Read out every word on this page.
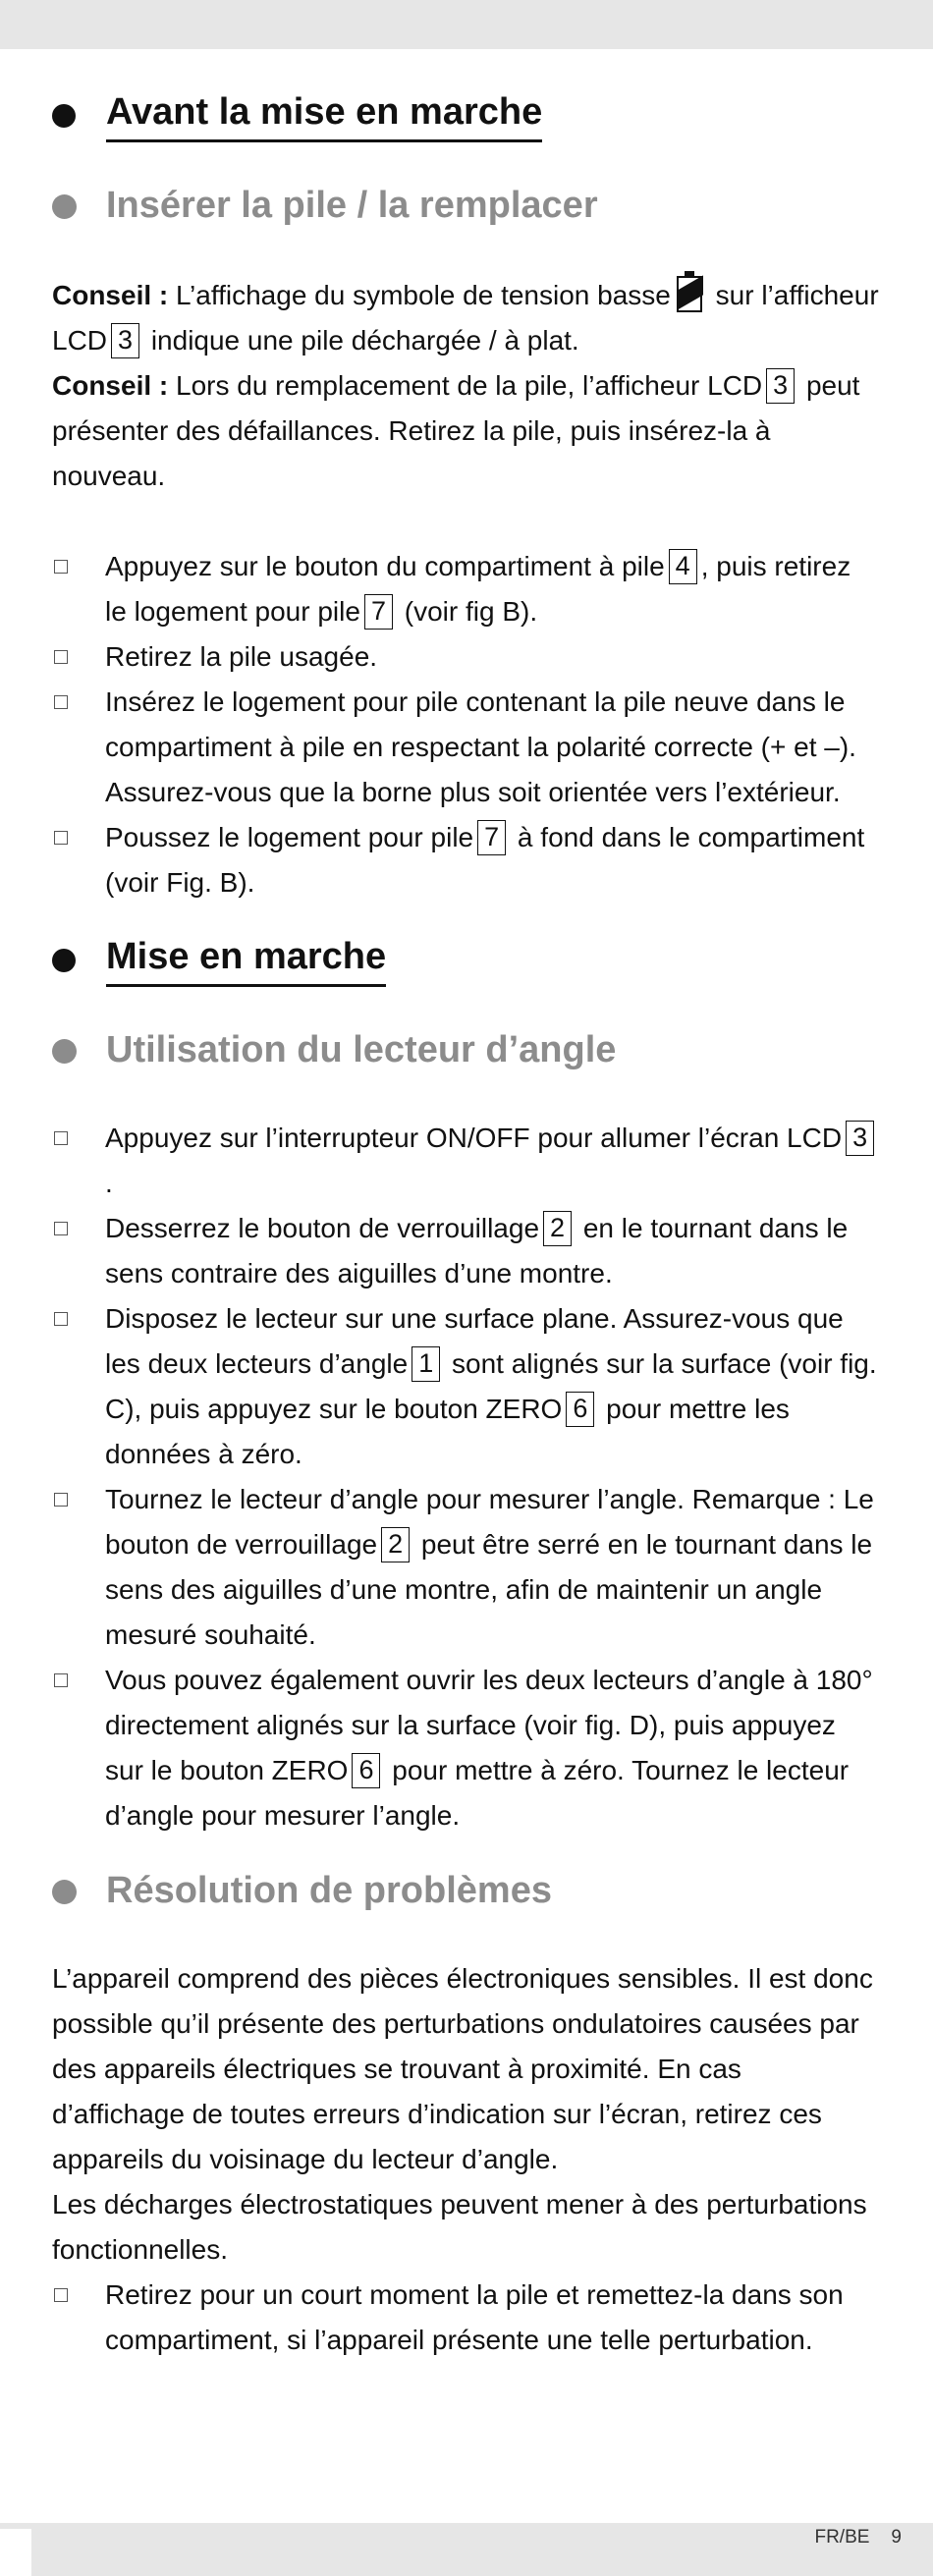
Avant la mise en marche
Insérer la pile / la remplacer

Conseil : L’affichage du symbole de tension basse
sur l’afficheur LCD 3 indique une pile déchargée / à plat.

Conseil : Lors du remplacement de la pile, l’afficheur LCD 3 peut présenter des défaillances. Retirez la pile, puis insérez-la à nouveau.

Appuyez sur le bouton du compartiment à pile 4 , puis retirez le logement pour pile 7 (voir fig B).
Retirez la pile usagée.
Insérez le logement pour pile contenant la pile neuve dans le compartiment à pile en respectant la polarité correcte (+ et –). Assurez-vous que la borne plus soit orientée vers l’extérieur.
Poussez le logement pour pile 7 à fond dans le compartiment (voir Fig. B).
Mise en marche
Utilisation du lecteur d’angle
Appuyez sur l’interrupteur ON/OFF pour allumer l’écran LCD 3.
Desserrez le bouton de verrouillage 2 en le tournant dans le sens contraire des aiguilles d’une montre.
Disposez le lecteur sur une surface plane. Assurez-vous que les deux lecteurs d’angle 1 sont alignés sur la surface (voir fig. C), puis appuyez sur le bouton ZERO 6 pour mettre les données à zéro.
Tournez le lecteur d’angle pour mesurer l’angle. Remarque : Le bouton de verrouillage 2 peut être serré en le tournant dans le sens des aiguilles d’une montre, afin de maintenir un angle mesuré souhaité.
Vous pouvez également ouvrir les deux lecteurs d’angle à 180° directement alignés sur la surface (voir fig. D), puis appuyez sur le bouton ZERO 6 pour mettre à zéro. Tournez le lecteur d’angle pour mesurer l’angle.
Résolution de problèmes

L’appareil comprend des pièces électroniques sensibles. Il est donc possible qu’il présente des perturbations ondulatoires causées par des appareils électriques se trouvant à proximité. En cas d’affichage de toutes erreurs d’indication sur l’écran, retirez ces appareils du voisinage du lecteur d’angle.

Les décharges électrostatiques peuvent mener à des perturbations fonctionnelles.

Retirez pour un court moment la pile et remettez-la dans son compartiment, si l’appareil présente une telle perturbation.
FR/BE 9
